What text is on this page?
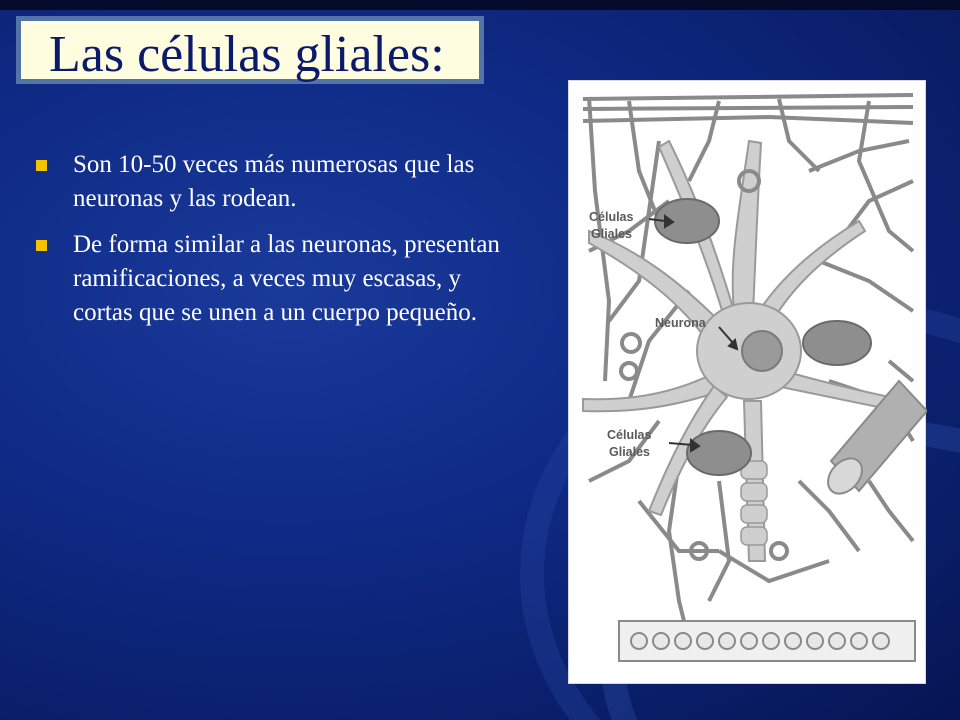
Las células gliales:
Son 10-50 veces más numerosas que las neuronas y las rodean.
De forma similar a las neuronas, presentan ramificaciones, a veces muy escasas, y cortas que se unen a un cuerpo pequeño.
Células
Gliales
Neurona
Células
Gliales
